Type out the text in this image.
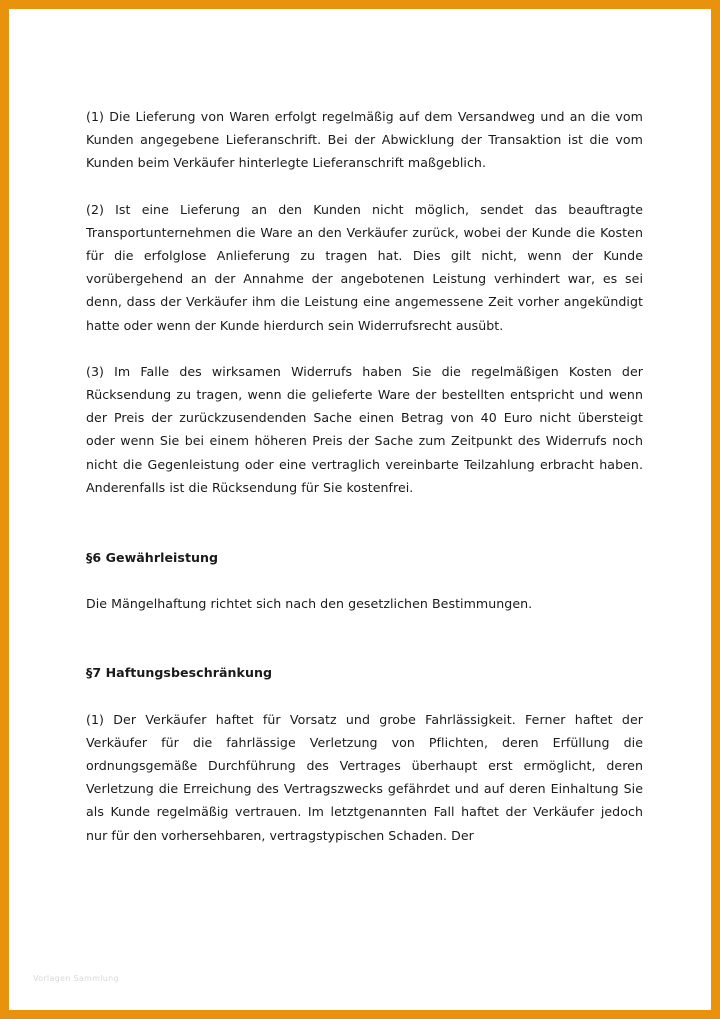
(1) Die Lieferung von Waren erfolgt regelmäßig auf dem Versandweg und an die vom Kunden angegebene Lieferanschrift. Bei der Abwicklung der Transaktion ist die vom Kunden beim Verkäufer hinterlegte Lieferanschrift maßgeblich.

(2) Ist eine Lieferung an den Kunden nicht möglich, sendet das beauftragte Transportunternehmen die Ware an den Verkäufer zurück, wobei der Kunde die Kosten für die erfolglose Anlieferung zu tragen hat. Dies gilt nicht, wenn der Kunde vorübergehend an der Annahme der angebotenen Leistung verhindert war, es sei denn, dass der Verkäufer ihm die Leistung eine angemessene Zeit vorher angekündigt hatte oder wenn der Kunde hierdurch sein Widerrufsrecht ausübt.

(3) Im Falle des wirksamen Widerrufs haben Sie die regelmäßigen Kosten der Rücksendung zu tragen, wenn die gelieferte Ware der bestellten entspricht und wenn der Preis der zurückzusendenden Sache einen Betrag von 40 Euro nicht übersteigt oder wenn Sie bei einem höheren Preis der Sache zum Zeitpunkt des Widerrufs noch nicht die Gegenleistung oder eine vertraglich vereinbarte Teilzahlung erbracht haben. Anderenfalls ist die Rücksendung für Sie kostenfrei.

§6 Gewährleistung

Die Mängelhaftung richtet sich nach den gesetzlichen Bestimmungen.

§7 Haftungsbeschränkung

(1) Der Verkäufer haftet für Vorsatz und grobe Fahrlässigkeit. Ferner haftet der Verkäufer für die fahrlässige Verletzung von Pflichten, deren Erfüllung die ordnungsgemäße Durchführung des Vertrages überhaupt erst ermöglicht, deren Verletzung die Erreichung des Vertragszwecks gefährdet und auf deren Einhaltung Sie als Kunde regelmäßig vertrauen. Im letztgenannten Fall haftet der Verkäufer jedoch nur für den vorhersehbaren, vertragstypischen Schaden. Der

Vorlagen Sammlung
